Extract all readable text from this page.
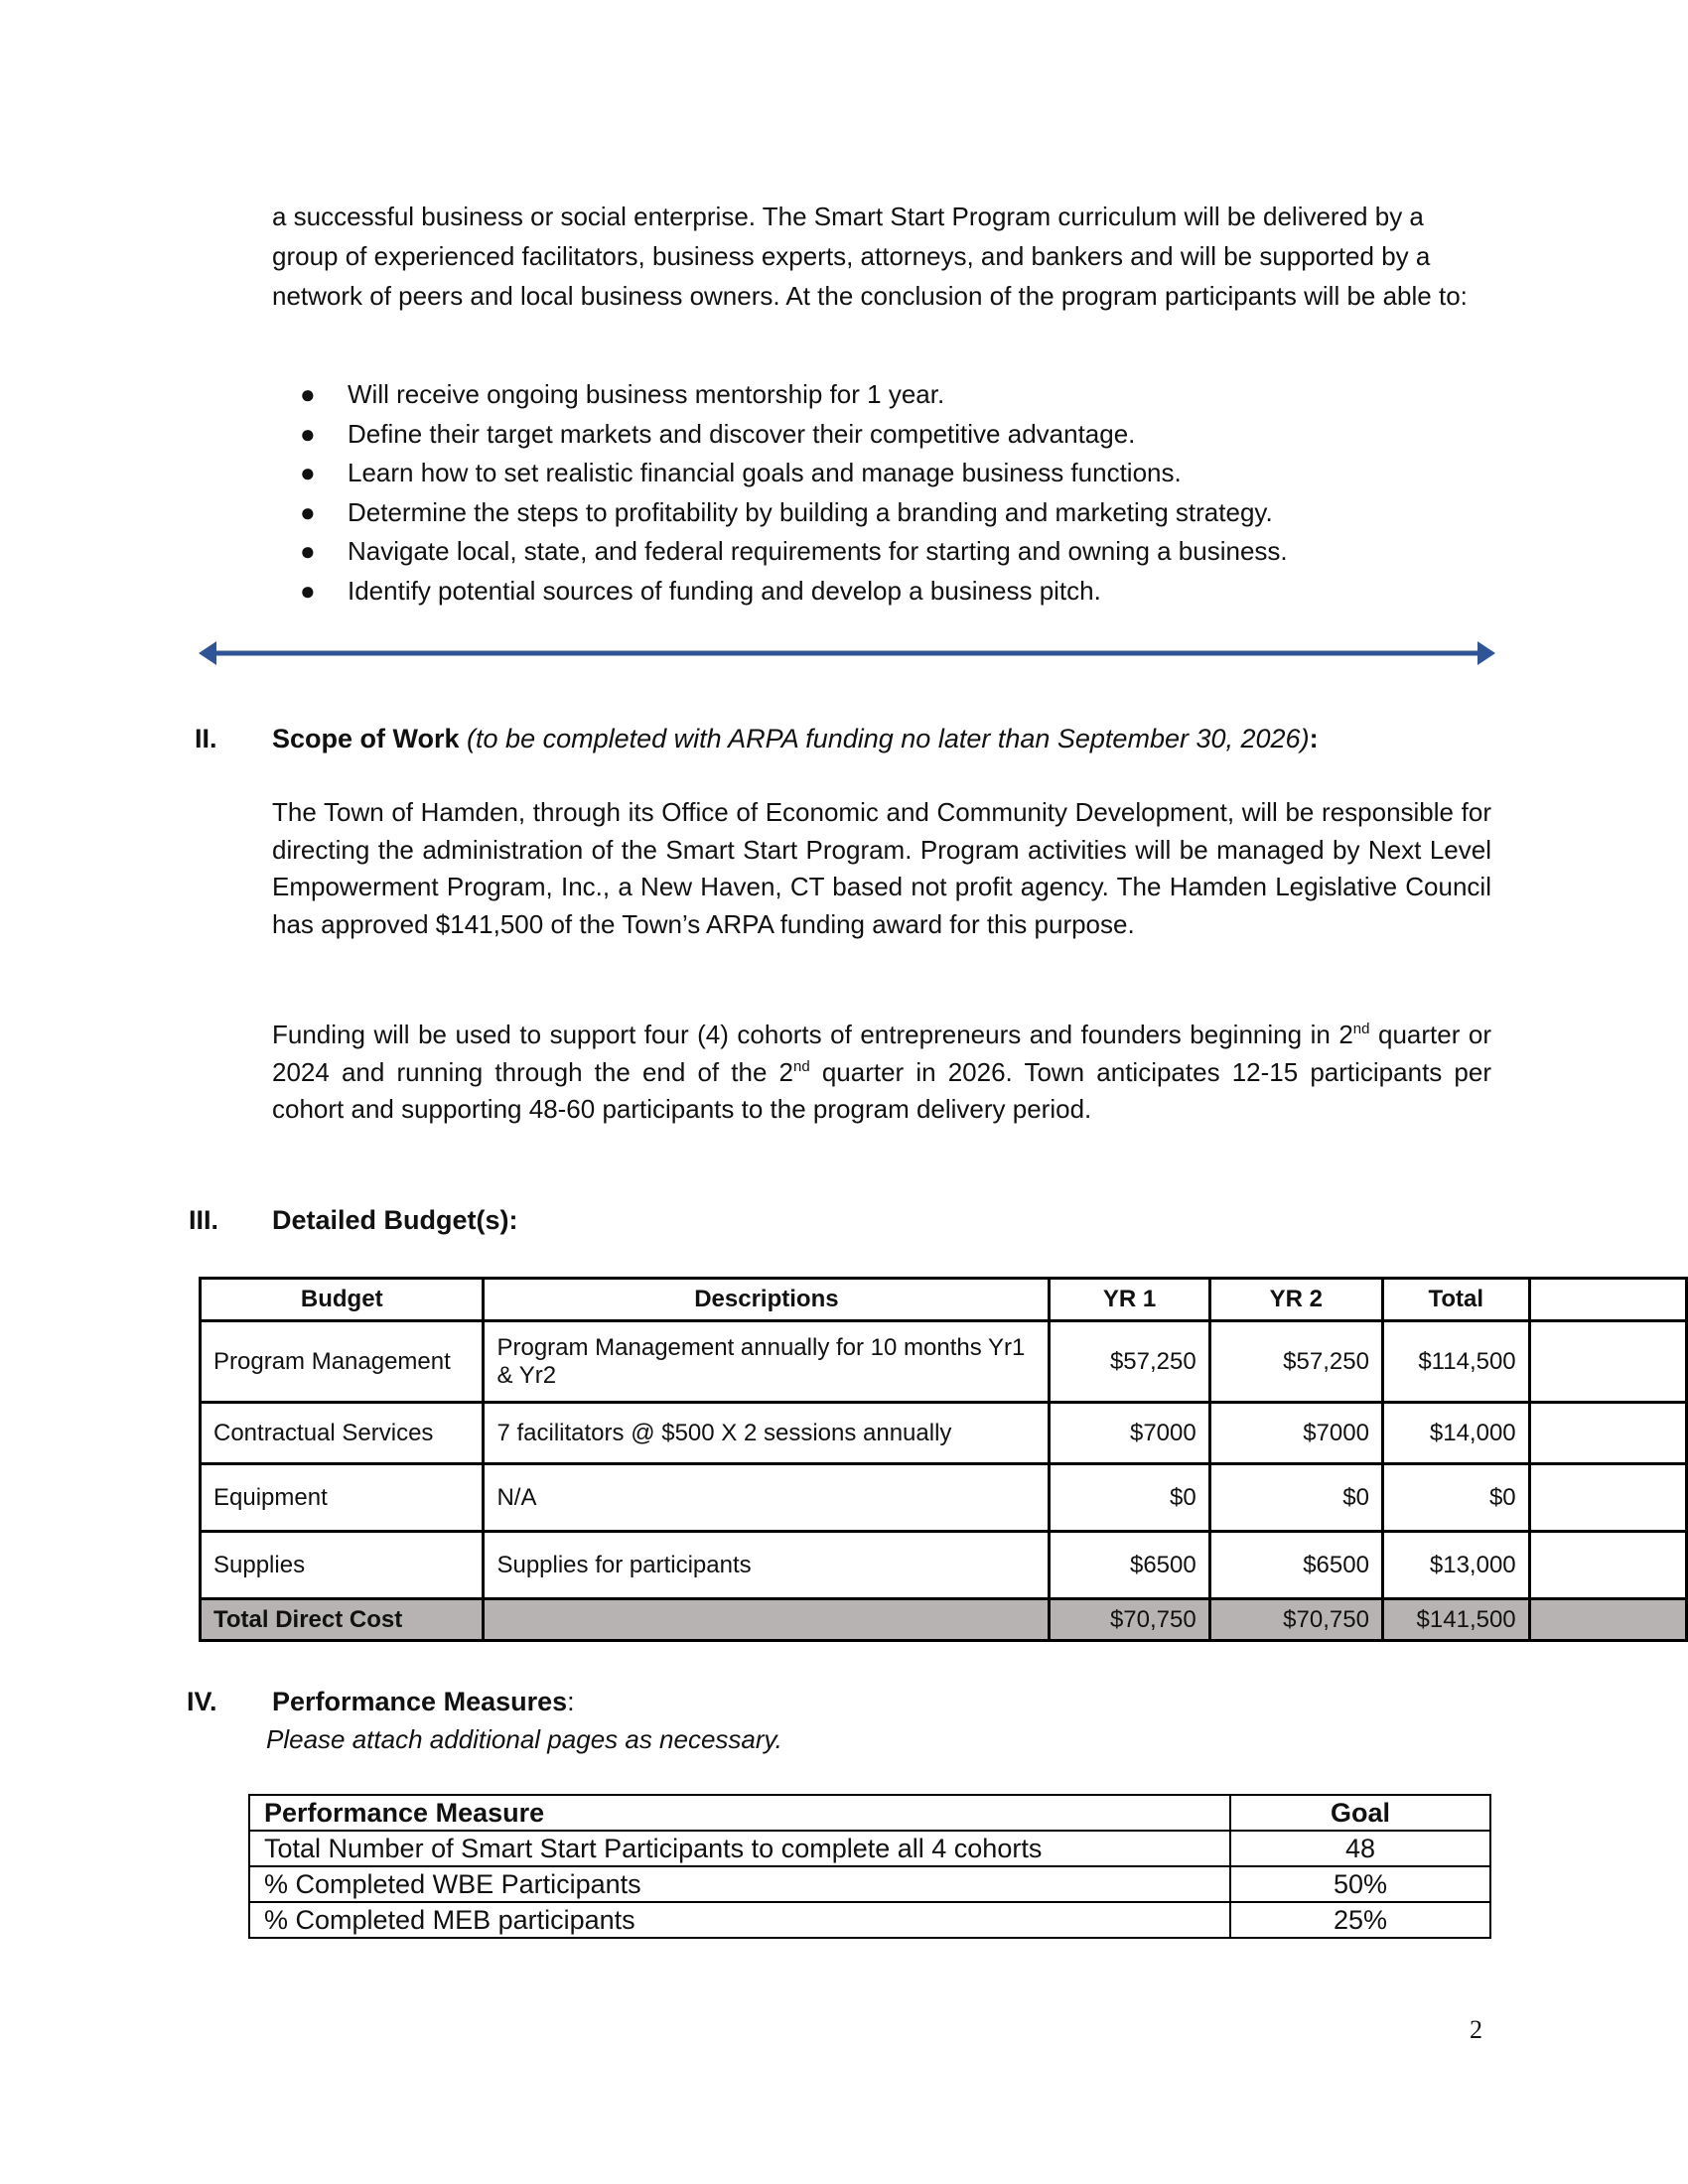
a successful business or social enterprise. The Smart Start Program curriculum will be delivered by a group of experienced facilitators, business experts, attorneys, and bankers and will be supported by a network of peers and local business owners. At the conclusion of the program participants will be able to:

● Will receive ongoing business mentorship for 1 year.
● Define their target markets and discover their competitive advantage.
● Learn how to set realistic financial goals and manage business functions.
● Determine the steps to profitability by building a branding and marketing strategy.
● Navigate local, state, and federal requirements for starting and owning a business.
● Identify potential sources of funding and develop a business pitch.
II. Scope of Work (to be completed with ARPA funding no later than September 30, 2026):

The Town of Hamden, through its Office of Economic and Community Development, will be responsible for directing the administration of the Smart Start Program. Program activities will be managed by Next Level Empowerment Program, Inc., a New Haven, CT based not profit agency. The Hamden Legislative Council has approved $141,500 of the Town’s ARPA funding award for this purpose.

Funding will be used to support four (4) cohorts of entrepreneurs and founders beginning in 2nd quarter or 2024 and running through the end of the 2nd quarter in 2026. Town anticipates 12-15 participants per cohort and supporting 48-60 participants to the program delivery period.

III. Detailed Budget(s):
Budget	Descriptions	YR 1	YR 2	Total	
Program Management	Program Management annually for 10 months Yr1 & Yr2	$57,250	$57,250	$114,500	
Contractual Services	7 facilitators @ $500 X 2 sessions annually	$7000	$7000	$14,000	
Equipment	N/A	$0	$0	$0	
Supplies	Supplies for participants	$6500	$6500	$13,000	
Total Direct Cost		$70,750	$70,750	$141,500	
IV. Performance Measures:
Please attach additional pages as necessary.
Performance Measure	Goal
Total Number of Smart Start Participants to complete all 4 cohorts	48
% Completed WBE Participants	50%
% Completed MEB participants	25%
2
